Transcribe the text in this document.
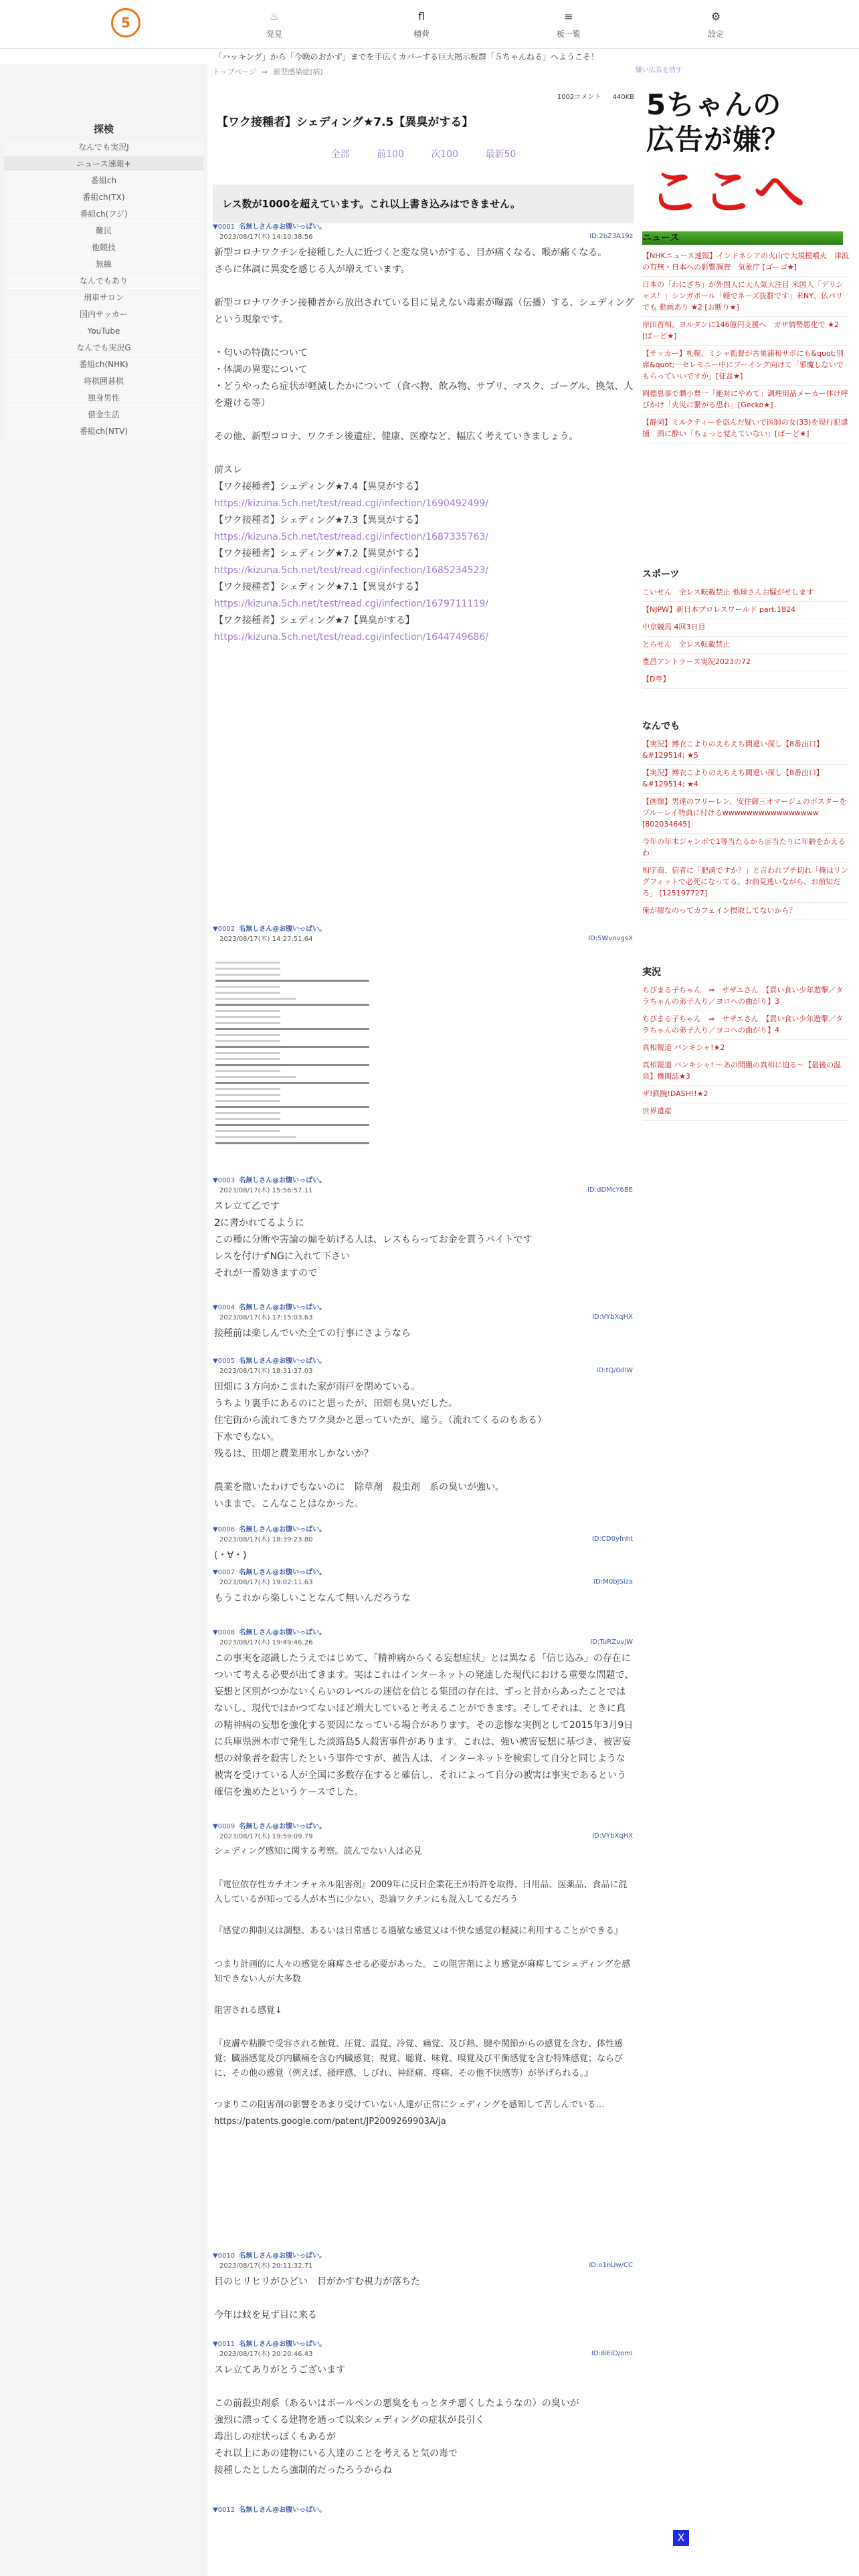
5	♨
発見
fl
積荷
≡
板一覧
⚙
設定
「ハッキング」から「今晩のおかず」までを手広くカバーする巨大掲示板群「５ちゃんねる」へようこそ！
探検
なんでも実況J
ニュース速報+
番組ch
番組ch(TX)
番組ch(フジ)
難民
他競技
無線
なんでもあり
刑車サロン
国内サッカー
YouTube
なんでも実況G
番組ch(NHK)
将棋囲碁棋
独身男性
借金生活
番組ch(NTV)
トップページ ⇒ 新型感染症(病)
1002コメント 440KB
【ワク接種者】シェディング★7.5【異臭がする】
全部	前100	次100	最新50
レス数が1000を超えています。これ以上書き込みはできません。
▼0001 名無しさん@お腹いっぱい。
2023/08/17(木) 14:10:38.56	ID:2bZ3A19z
新型コロナワクチンを接種した人に近づくと変な臭いがする、目が痛くなる、喉が痛くなる。
さらに体調に異変を感じる人が増えています。
新型コロナワクチン接種者から放出されている目に見えない毒素が曝露（伝播）する、シェディングという現象です。
・匂いの特徴について
・体調の異変について
・どうやったら症状が軽減したかについて（食べ物、飲み物、サプリ、マスク、ゴーグル、換気、人を避ける等）
その他、新型コロナ、ワクチン後遺症、健康、医療など、幅広く考えていきましょう。
前スレ
【ワク接種者】シェディング★7.4【異臭がする】
https://kizuna.5ch.net/test/read.cgi/infection/1690492499/
【ワク接種者】シェディング★7.3【異臭がする】
https://kizuna.5ch.net/test/read.cgi/infection/1687335763/
【ワク接種者】シェディング★7.2【異臭がする】
https://kizuna.5ch.net/test/read.cgi/infection/1685234523/
【ワク接種者】シェディング★7.1【異臭がする】
https://kizuna.5ch.net/test/read.cgi/infection/1679711119/
【ワク接種者】シェディング★7【異臭がする】
https://kizuna.5ch.net/test/read.cgi/infection/1644749686/
▼0002 名無しさん@お腹いっぱい。
2023/08/17(木) 14:27:51.64	ID:5WvnvgsX
▼0003 名無しさん@お腹いっぱい。
2023/08/17(木) 15:56:57.11	ID:dDMcY6BE
スレ立て乙です
2に書かれてるように
この種に分断や害論の煽を妨げる人は、レスもらってお金を貰うバイトです
レスを付けずNGに入れて下さい
それが一番効きますので
▼0004 名無しさん@お腹いっぱい。
2023/08/17(木) 17:15:03.63	ID:VYbXqHX
接種前は楽しんでいた全ての行事にさようなら
▼0005 名無しさん@お腹いっぱい。
2023/08/17(木) 18:31:37.03	ID:tQ/0dlW
田畑に３方向かこまれた家が雨戸を閉めている。
うちより裏手にあるのにと思ったが、田畑も臭いだした。
住宅街から流れてきたワク臭かと思っていたが、違う。（流れてくるのもある）
下水でもない。
残るは、田畑と農業用水しかないか？
農業を撒いたわけでもないのに　除草剤　殺虫剤　系の臭いが強い。
いままで、こんなことはなかった。
▼0006 名無しさん@お腹いっぱい。
2023/08/17(木) 18:39:23.80	ID:CD0yfnht
(・∀・)
▼0007 名無しさん@お腹いっぱい。
2023/08/17(木) 19:02:11.63	ID:M0bJSiza
もうこれから楽しいことなんて無いんだろうな
▼0008 名無しさん@お腹いっぱい。
2023/08/17(木) 19:49:46.26	ID:TuRZuvjW
この事実を認識したうえではじめて、「精神病からくる妄想症状」とは異なる「信じ込み」の存在について考える必要が出てきます。実はこれはインターネットの発達した現代における重要な問題で、妄想と区別がつかないくらいのレベルの迷信を信じる集団の存在は、ずっと昔からあったことではないし、現代ではかつてないほど増大していると考えることができます。そしてそれは、ときに真の精神病の妄想を強化する要因になっている場合があります。その悲惨な実例として2015年3月9日に兵庫県洲本市で発生した淡路島5人殺害事件があります。これは、強い被害妄想に基づき、被害妄想の対象者を殺害したという事件ですが、被告人は、インターネットを検索して自分と同じような被害を受けている人が全国に多数存在すると確信し、それによって自分の被害は事実であるという確信を強めたというケースでした。
▼0009 名無しさん@お腹いっぱい。
2023/08/17(木) 19:59:09.79	ID:VYbXqHX
シェディング感知に関する考察。読んでない人は必見
『電位依存性カチオンチャネル阻害剤』2009年に反日企業花王が特許を取得、日用品、医薬品、食品に混入しているが知ってる人が本当に少ない、恐論ワクチンにも混入してるだろう
『感覚の抑制又は調整、あるいは日常感じる過敏な感覚又は不快な感覚の軽減に利用することができる』
つまり計画的に人々の感覚を麻痺させる必要があった。この阻害剤により感覚が麻痺してシェディングを感知できない人が大多数
阻害される感覚↓
『皮膚や粘膜で受容される触覚、圧覚、温覚、冷覚、痛覚、及び熱、腱や関節からの感覚を含む、体性感覚；臓器感覚及び内臓痛を含む内臓感覚；視覚、聴覚、味覚、嗅覚及び平衡感覚を含む特殊感覚；ならびに、その他の感覚（例えば、掻痒感、しびれ、神経痛、疼痛、その他不快感等）が挙げられる。』
つまりこの阻害剤の影響をあまり受けていない人達が正常にシェディングを感知して苦しんでいる…
https://patents.google.com/patent/JP2009269903A/ja
▼0010 名無しさん@お腹いっぱい。
2023/08/17(木) 20:11:32.71	ID:o1nUw/CC
目のヒリヒリがひどい　目がかすむ視力が落ちた
今年は蚊を見ず目に来る
▼0011 名無しさん@お腹いっぱい。
2023/08/17(木) 20:20:46.43	ID:8iEiD/omI
スレ立てありがとうございます
この前殺虫剤系（あるいはボールペンの悪臭をもっとタチ悪くしたようなの）の臭いが
強烈に漂ってくる建物を通って以来シェディングの症状が長引く
毒出しの症状っぽくもあるが
それ以上にあの建物にいる人達のことを考えると気の毒で
接種したとしたら強制的だったろうからね
▼0012 名無しさん@お腹いっぱい。
嫌い広告を消す
5ちゃんの
広告が嫌？
ここへ
ニュース
【NHKニュース速報】インドネシアの火山で大規模噴火　津波の有無・日本への影響調査　気象庁 [ゴーゴ★]
日本の「わにざち」が外国人に大人気大注目 米国人「デリシャス！」シンガポール「軽でネーズ抜群です」米NY、仏パリでも 動画あり ★2 [お断り★]
岸田首相、ヨルダンに146億円支援へ　ガザ情勢悪化で ★2 [ばーど★]
【サッカー】札幌、ミシャ監督が古巣浦和サポにも&quot;別席&quot;一セレモニー中にブーイング向けて「邪魔しないでもらっていいですか」[征盆★]
岡德息事で購小豊一「絶対にやめて」調理用品メーカー体け呼びかけ「火災に繋がる恐れ」[Gecko★]
【静岡】ミルクティーを盗んだ疑いで医師の女(33)を現行犯逮捕　酒に酔い「ちょっと覚えていない」[ばーど★]
スポーツ
こいせん　全レス転載禁止 他球さんお騒がせします
【NJPW】新日本プロレスワールド part.1824
中京競馬 4回3日目
とらせん　全レス転載禁止
豊昌アントラーズ実況2023の72
【D専】
なんでも
【実況】博衣こよりのえちえち間違い探し【8番出口】&#129514; ★5
【実況】博衣こよりのえちえち間違い探し【8番出口】&#129514; ★4
【画像】男達のフリーレン、安住御三オマージュのポスターをプルーレイ特典に付けるwwwwwwwwwwwwwwww [802034645]
今年の年末ジャンボで1等当たるから＠当たりに年齢をかえるわ
相字商、信者に「肥満ですか？」と言われブチ切れ「俺はリングフィットで必死になってる。お前見逃いながら、お前知だろ」 [125197727]
俺が甜なのってカフェイン摂取してないから？
実況
ちびまる子ちゃん　⇒　サザエさん　【買い食い少年遊撃／タラちゃんの弟子入り／ヨコへの曲がり】3
ちびまる子ちゃん　⇒　サザエさん　【買い食い少年遊撃／タラちゃんの弟子入り／ヨコへの曲がり】4
真相報道 バンキシャ!★2
真相報道 バンキシャ! 〜あの問題の真相に迫る〜【最後の温泉】機関誌★3
ザ!鉄腕!DASH!!★2
世界遺産
X
